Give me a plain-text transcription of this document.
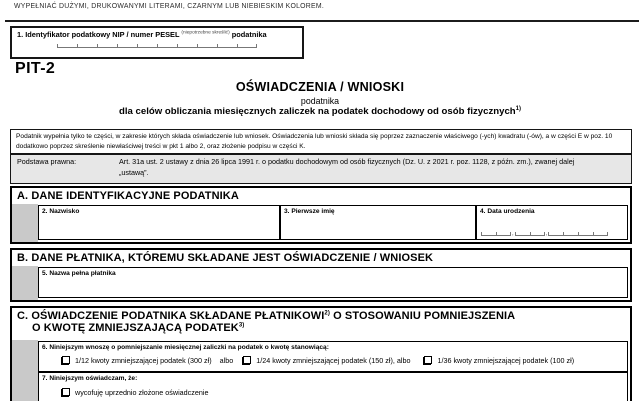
WYPEŁNIAĆ DUŻYMI, DRUKOWANYMI LITERAMI, CZARNYM LUB NIEBIESKIM KOLOREM.
1. Identyfikator podatkowy NIP / numer PESEL $^{(niepotrzebne skreślić)}$ podatnika
PIT-2
OŚWIADCZENIA / WNIOSKI
podatnika
dla celów obliczania miesięcznych zaliczek na podatek dochodowy od osób fizycznych$^{1)}$
Podatnik wypełnia tylko te części, w zakresie których składa oświadczenie lub wniosek. Oświadczenia lub wnioski składa się poprzez zaznaczenie właściwego (-ych) kwadratu (-ów), a w części E w poz. 10 dodatkowo poprzez skreślenie niewłaściwej treści w pkt 1 albo 2, oraz złożenie podpisu w części K.
Podstawa prawna:	Art. 31a ust. 2 ustawy z dnia 26 lipca 1991 r. o podatku dochodowym od osób fizycznych (Dz. U. z 2021 r. poz. 1128, z późn. zm.), zwanej dalej „ustawą”.
A. DANE IDENTYFIKACYJNE PODATNIKA
2. Nazwisko	3. Pierwsze imię	4. Data urodzenia
,	,
B. DANE PŁATNIKA, KTÓREMU SKŁADANE JEST OŚWIADCZENIE / WNIOSEK
5. Nazwa pełna płatnika
C. OŚWIADCZENIE PODATNIKA SKŁADANE PŁATNIKOWI$^{2)}$ O STOSOWANIU POMNIEJSZENIA
O KWOTĘ ZMNIEJSZAJĄCĄ PODATEK$^{3)}$
6. Niniejszym wnoszę o pomniejszanie miesięcznej zaliczki na podatek o kwotę stanowiącą:
1/12 kwoty zmniejszającej podatek (300 zł) albo	1/24 kwoty zmniejszającej podatek (150 zł), albo	1/36 kwoty zmniejszającej podatek (100 zł)
7. Niniejszym oświadczam, że:
wycofuję uprzednio złożone oświadczenie
